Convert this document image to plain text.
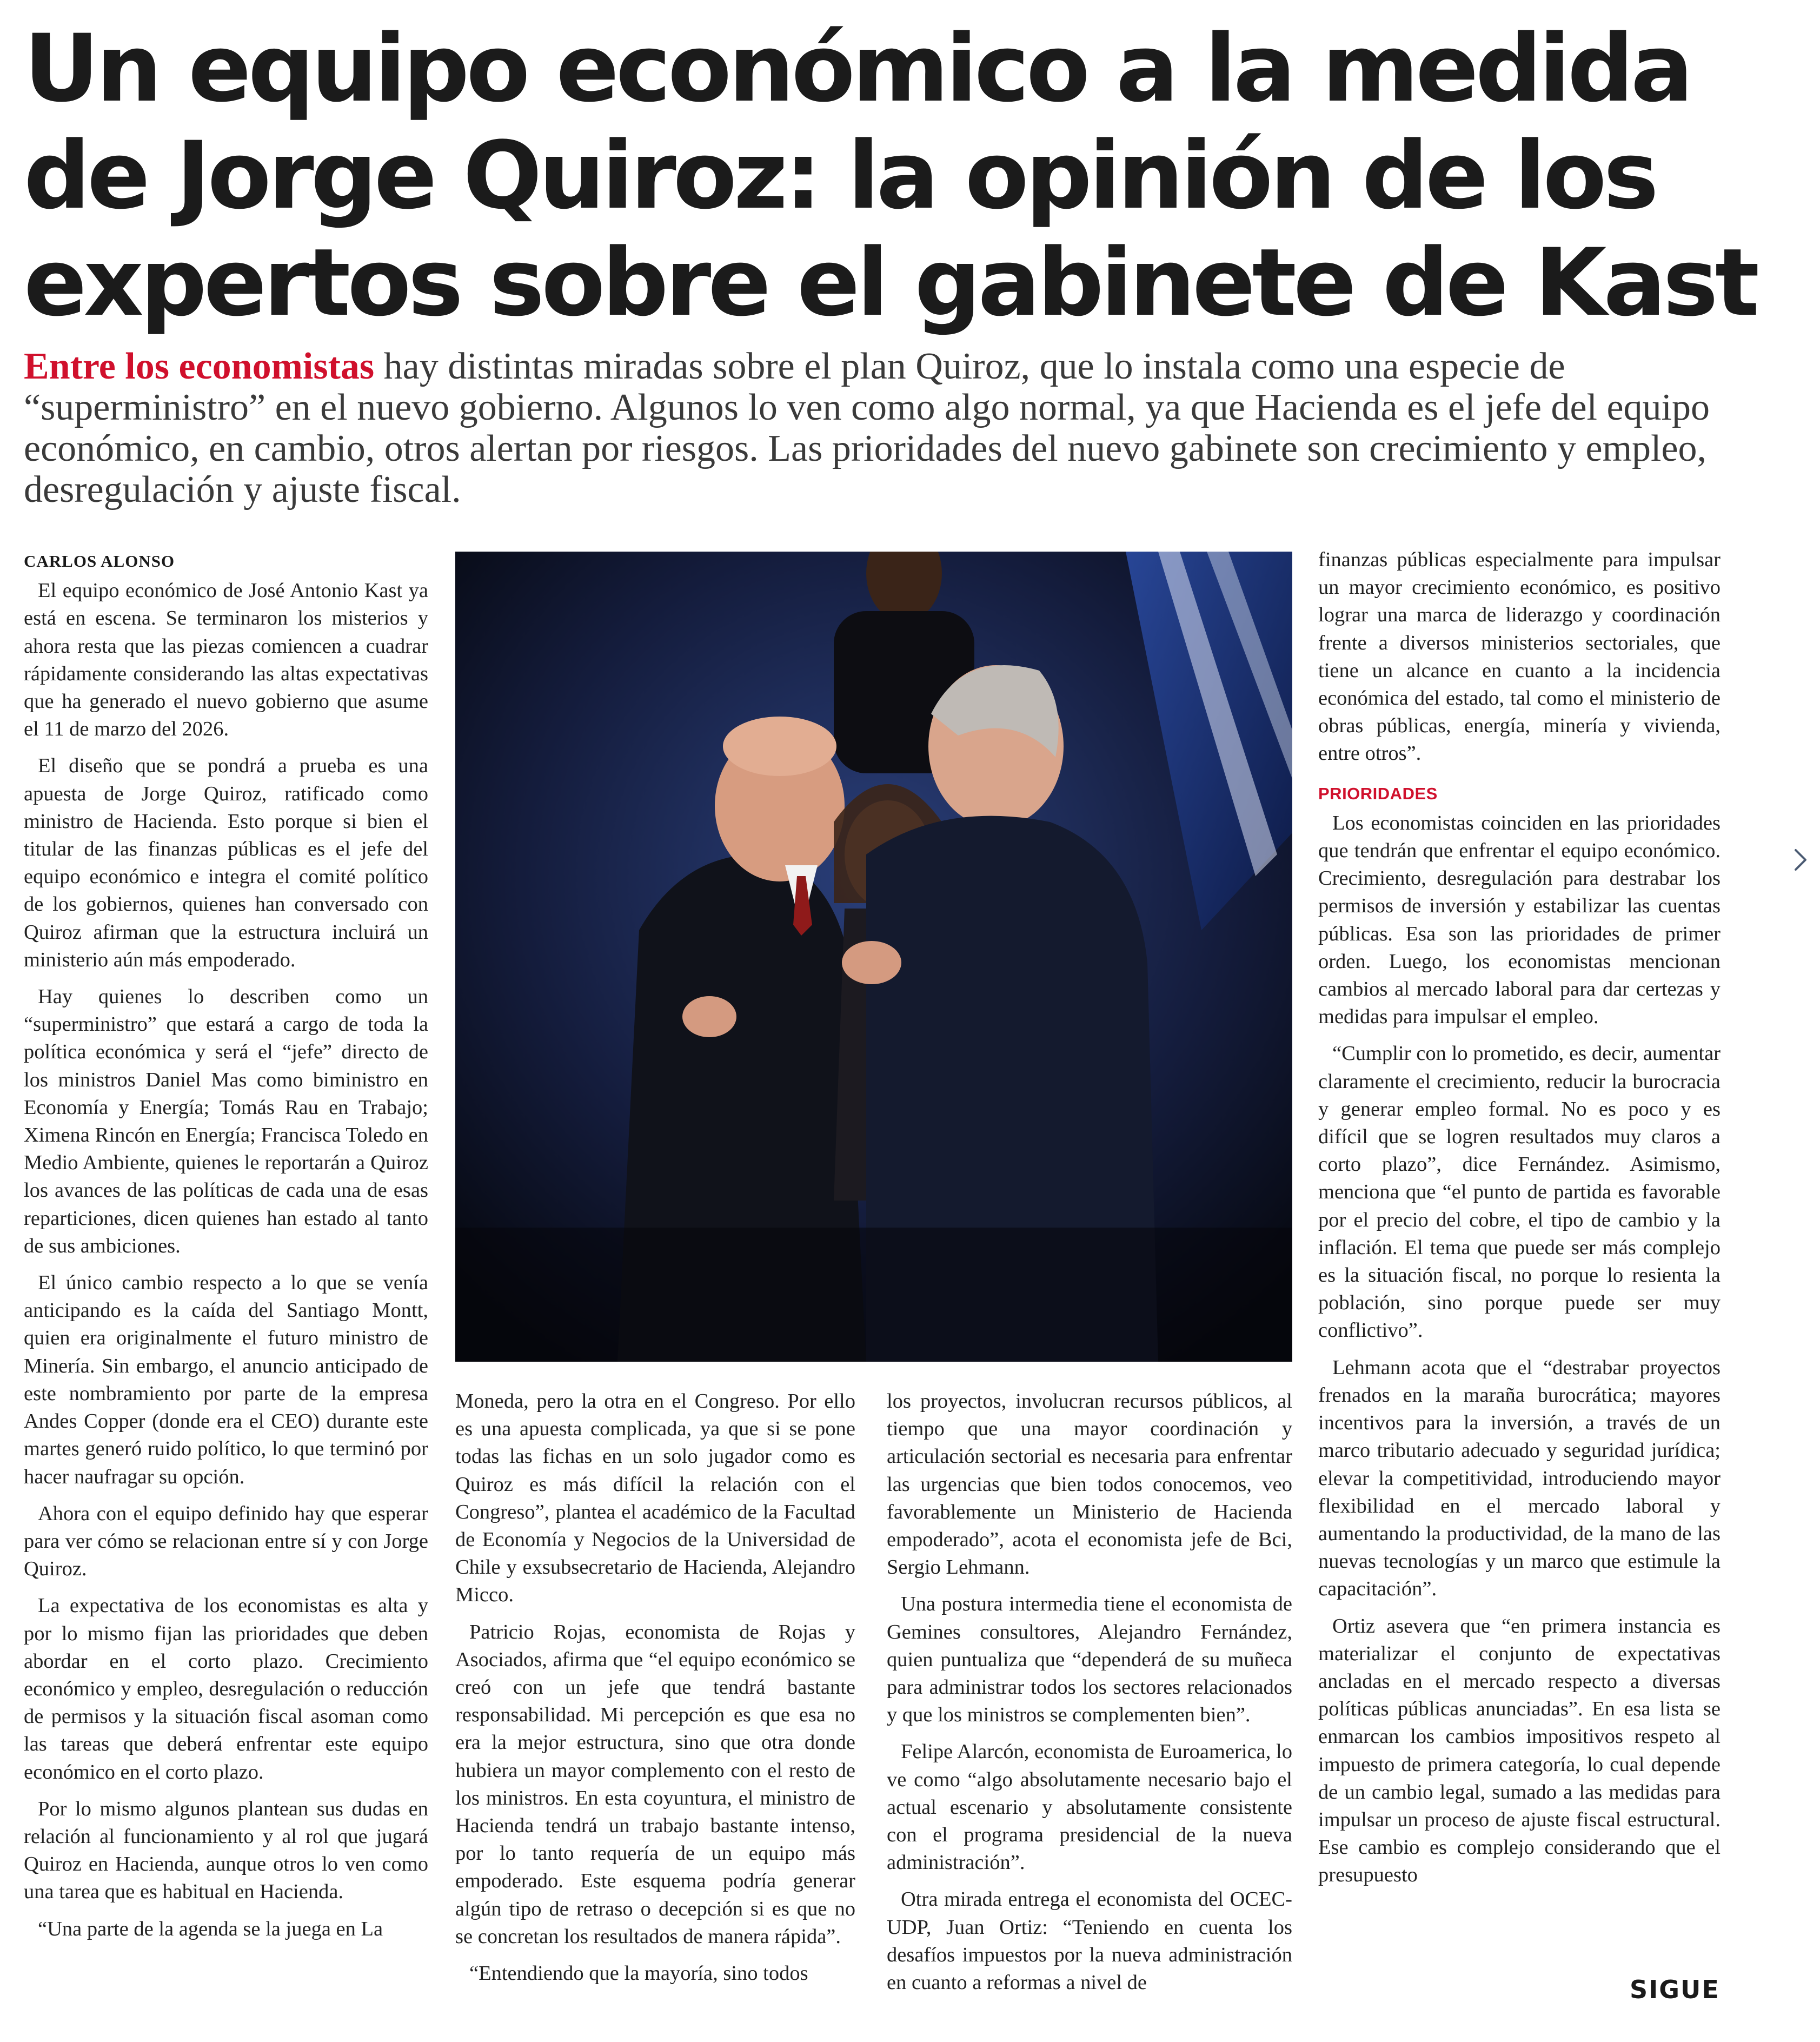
Un equipo económico a la medida de Jorge Quiroz: la opinión de los expertos sobre el gabinete de Kast

Entre los economistas hay distintas miradas sobre el plan Quiroz, que lo instala como una especie de “superministro” en el nuevo gobierno. Algunos lo ven como algo normal, ya que Hacienda es el jefe del equipo económico, en cambio, otros alertan por riesgos. Las prioridades del nuevo gabinete son crecimiento y empleo, desregulación y ajuste fiscal.

CARLOS ALONSO

El equipo económico de José Antonio Kast ya está en escena. Se terminaron los misterios y ahora resta que las piezas comiencen a cuadrar rápidamente considerando las altas expectativas que ha generado el nuevo gobierno que asume el 11 de marzo del 2026.

El diseño que se pondrá a prueba es una apuesta de Jorge Quiroz, ratificado como ministro de Hacienda. Esto porque si bien el titular de las finanzas públicas es el jefe del equipo económico e integra el comité político de los gobiernos, quienes han conversado con Quiroz afirman que la estructura incluirá un ministerio aún más empoderado.

Hay quienes lo describen como un “superministro” que estará a cargo de toda la política económica y será el “jefe” directo de los ministros Daniel Mas como biministro en Economía y Energía; Tomás Rau en Trabajo; Ximena Rincón en Energía; Francisca Toledo en Medio Ambiente, quienes le reportarán a Quiroz los avances de las políticas de cada una de esas reparticiones, dicen quienes han estado al tanto de sus ambiciones.

El único cambio respecto a lo que se venía anticipando es la caída del Santiago Montt, quien era originalmente el futuro ministro de Minería. Sin embargo, el anuncio anticipado de este nombramiento por parte de la empresa Andes Copper (donde era el CEO) durante este martes generó ruido político, lo que terminó por hacer naufragar su opción.

Ahora con el equipo definido hay que esperar para ver cómo se relacionan entre sí y con Jorge Quiroz.

La expectativa de los economistas es alta y por lo mismo fijan las prioridades que deben abordar en el corto plazo. Crecimiento económico y empleo, desregulación o reducción de permisos y la situación fiscal asoman como las tareas que deberá enfrentar este equipo económico en el corto plazo.

Por lo mismo algunos plantean sus dudas en relación al funcionamiento y al rol que jugará Quiroz en Hacienda, aunque otros lo ven como una tarea que es habitual en Hacienda.

“Una parte de la agenda se la juega en La

Moneda, pero la otra en el Congreso. Por ello es una apuesta complicada, ya que si se pone todas las fichas en un solo jugador como es Quiroz es más difícil la relación con el Congreso”, plantea el académico de la Facultad de Economía y Negocios de la Universidad de Chile y exsubsecretario de Hacienda, Alejandro Micco.

Patricio Rojas, economista de Rojas y Asociados, afirma que “el equipo económico se creó con un jefe que tendrá bastante responsabilidad. Mi percepción es que esa no era la mejor estructura, sino que otra donde hubiera un mayor complemento con el resto de los ministros. En esta coyuntura, el ministro de Hacienda tendrá un trabajo bastante intenso, por lo tanto requería de un equipo más empoderado. Este esquema podría generar algún tipo de retraso o decepción si es que no se concretan los resultados de manera rápida”.

“Entendiendo que la mayoría, sino todos

los proyectos, involucran recursos públicos, al tiempo que una mayor coordinación y articulación sectorial es necesaria para enfrentar las urgencias que bien todos conocemos, veo favorablemente un Ministerio de Hacienda empoderado”, acota el economista jefe de Bci, Sergio Lehmann.

Una postura intermedia tiene el economista de Gemines consultores, Alejandro Fernández, quien puntualiza que “dependerá de su muñeca para administrar todos los sectores relacionados y que los ministros se complementen bien”.

Felipe Alarcón, economista de Euroamerica, lo ve como “algo absolutamente necesario bajo el actual escenario y absolutamente consistente con el programa presidencial de la nueva administración”.

Otra mirada entrega el economista del OCEC-UDP, Juan Ortiz: “Teniendo en cuenta los desafíos impuestos por la nueva administración en cuanto a reformas a nivel de

finanzas públicas especialmente para impulsar un mayor crecimiento económico, es positivo lograr una marca de liderazgo y coordinación frente a diversos ministerios sectoriales, que tiene un alcance en cuanto a la incidencia económica del estado, tal como el ministerio de obras públicas, energía, minería y vivienda, entre otros”.

PRIORIDADES

Los economistas coinciden en las prioridades que tendrán que enfrentar el equipo económico. Crecimiento, desregulación para destrabar los permisos de inversión y estabilizar las cuentas públicas. Esa son las prioridades de primer orden. Luego, los economistas mencionan cambios al mercado laboral para dar certezas y medidas para impulsar el empleo.

“Cumplir con lo prometido, es decir, aumentar claramente el crecimiento, reducir la burocracia y generar empleo formal. No es poco y es difícil que se logren resultados muy claros a corto plazo”, dice Fernández. Asimismo, menciona que “el punto de partida es favorable por el precio del cobre, el tipo de cambio y la inflación. El tema que puede ser más complejo es la situación fiscal, no porque lo resienta la población, sino porque puede ser muy conflictivo”.

Lehmann acota que el “destrabar proyectos frenados en la maraña burocrática; mayores incentivos para la inversión, a través de un marco tributario adecuado y seguridad jurídica; elevar la competitividad, introduciendo mayor flexibilidad en el mercado laboral y aumentando la productividad, de la mano de las nuevas tecnologías y un marco que estimule la capacitación”.

Ortiz asevera que “en primera instancia es materializar el conjunto de expectativas ancladas en el mercado respecto a diversas políticas públicas anunciadas”. En esa lista se enmarcan los cambios impositivos respeto al impuesto de primera categoría, lo cual depende de un cambio legal, sumado a las medidas para impulsar un proceso de ajuste fiscal estructural. Ese cambio es complejo considerando que el presupuesto

SIGUE
